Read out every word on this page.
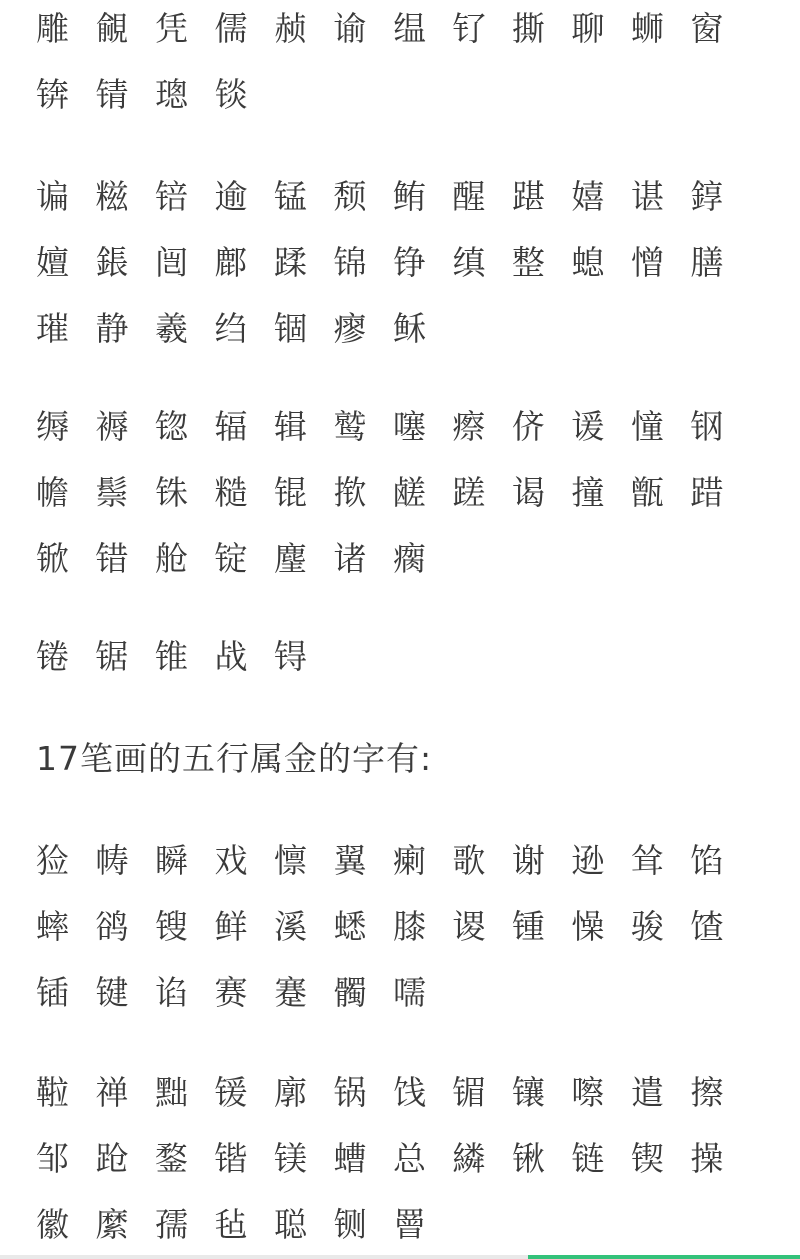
雕 覦 凭 儒 赪 谕 缊 钌 撕 聊 蛳 窗 锛 锖 璁 锬

谝 糍 锫 逾 锰 颓 鲔 醒 踸 嬉 谌 錞 嬗 鋹 闿 鄜 蹂 锦 铮 缜 整 螅 憎 膳 璀 静 羲 绉 锢 瘳 稣

缛 褥 锪 辐 辑 鹫 噻 瘵 侪 谖 憧 钢 幨 鬃 铢 糙 锟 揿 鹾 蹉 谒 撞 甑 踖 锨 错 舱 锭 麈 诸 瘸

锩 锯 锥 战 锝

17笔画的五行属金的字有:

猃 帱 瞬 戏 懔 翼 瘌 歌 谢 逊 耸 馅 蟀 鹆 锼 鲜 溪 蟋 膝 谡 锺 懆 骏 馇 锸 键 谄 赛 蹇 髑 嚅

鞡 禅 黜 锾 廓 锅 饯 镅 镶 嚓 遣 擦 邹 跄 鍪 锴 镁 螬 总 繗 锹 链 锲 操 徽 縻 孺 毡 聪 铡 罾
